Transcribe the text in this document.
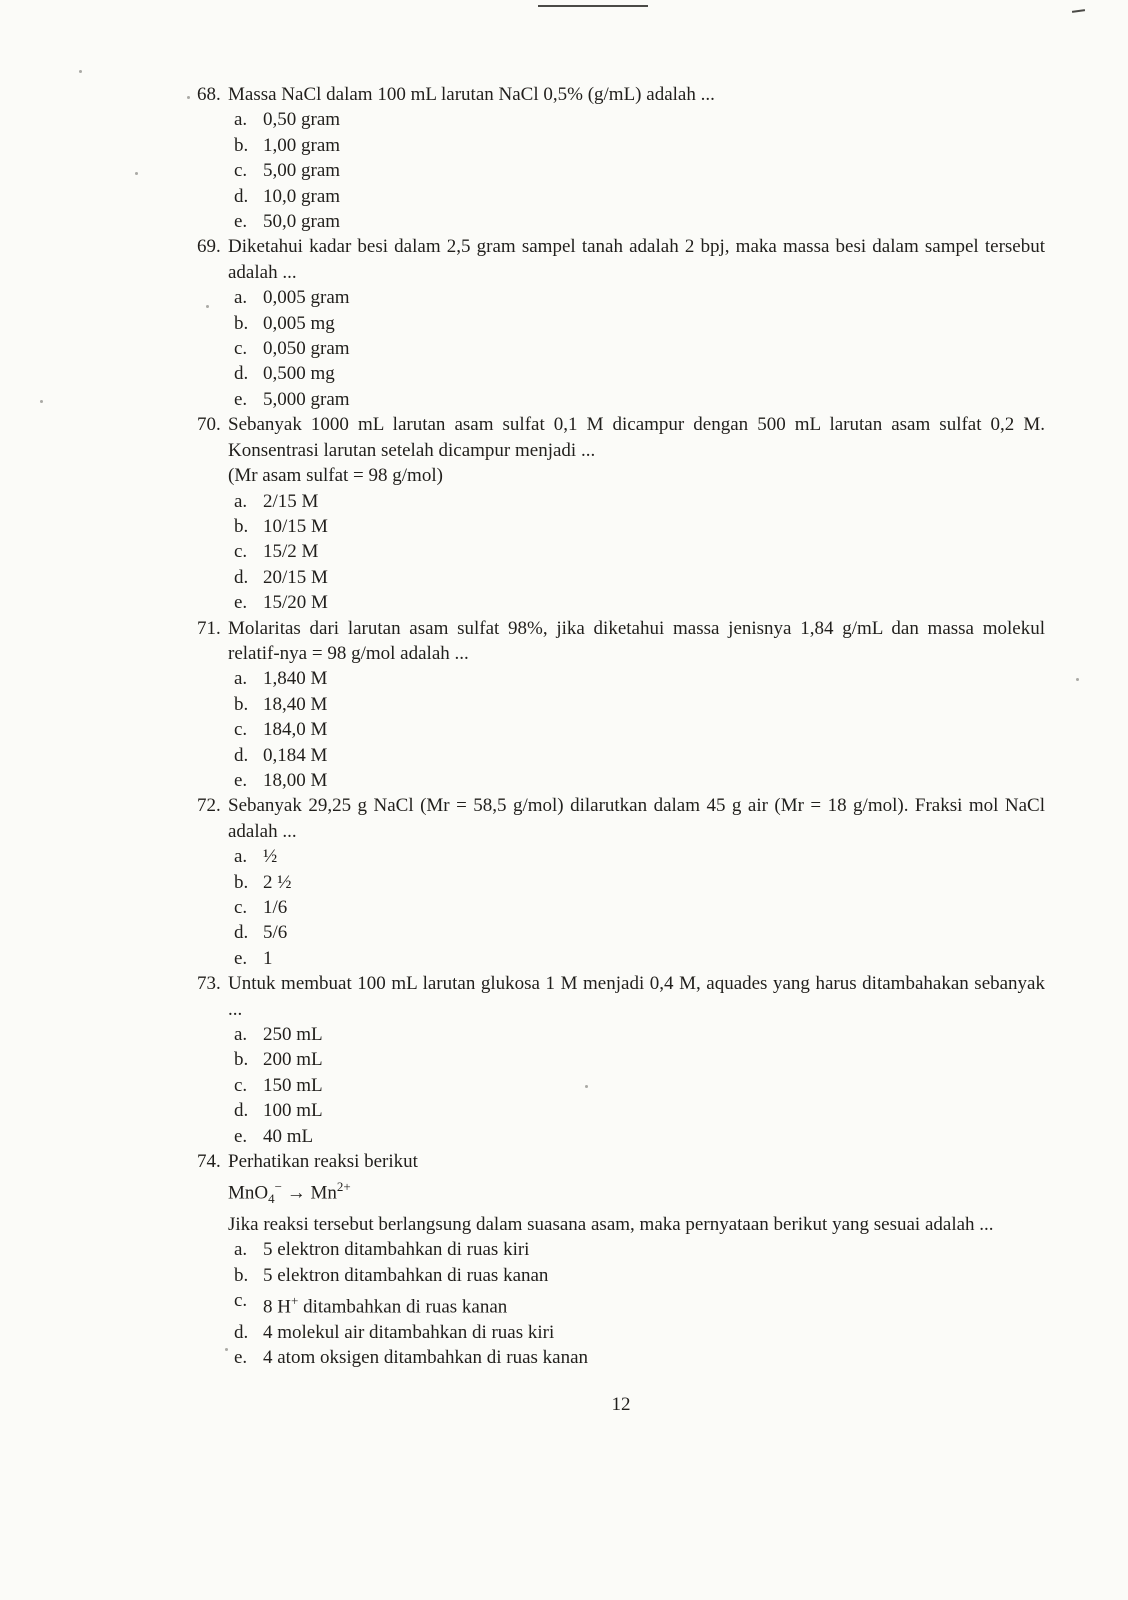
68. Massa NaCl dalam 100 mL larutan NaCl 0,5% (g/mL) adalah ...

a. 0,50 gram
b. 1,00 gram
c. 5,00 gram
d. 10,0 gram
e. 50,0 gram
69. Diketahui kadar besi dalam 2,5 gram sampel tanah adalah 2 bpj, maka massa besi dalam sampel tersebut adalah ...

a. 0,005 gram
b. 0,005 mg
c. 0,050 gram
d. 0,500 mg
e. 5,000 gram
70. Sebanyak 1000 mL larutan asam sulfat 0,1 M dicampur dengan 500 mL larutan asam sulfat 0,2 M. Konsentrasi larutan setelah dicampur menjadi ...

(Mr asam sulfat = 98 g/mol)

a. 2/15 M
b. 10/15 M
c. 15/2 M
d. 20/15 M
e. 15/20 M
71. Molaritas dari larutan asam sulfat 98%, jika diketahui massa jenisnya 1,84 g/mL dan massa molekul relatif-nya = 98 g/mol adalah ...

a. 1,840 M
b. 18,40 M
c. 184,0 M
d. 0,184 M
e. 18,00 M
72. Sebanyak 29,25 g NaCl (Mr = 58,5 g/mol) dilarutkan dalam 45 g air (Mr = 18 g/mol). Fraksi mol NaCl adalah ...

a. ½
b. 2 ½
c. 1/6
d. 5/6
e. 1
73. Untuk membuat 100 mL larutan glukosa 1 M menjadi 0,4 M, aquades yang harus ditambahakan sebanyak ...

a. 250 mL
b. 200 mL
c. 150 mL
d. 100 mL
e. 40 mL
74. Perhatikan reaksi berikut

$MnO_4^- \to Mn^{2+}$

Jika reaksi tersebut berlangsung dalam suasana asam, maka pernyataan berikut yang sesuai adalah ...

a. 5 elektron ditambahkan di ruas kiri
b. 5 elektron ditambahkan di ruas kanan
c. 8 H+ ditambahkan di ruas kanan
d. 4 molekul air ditambahkan di ruas kiri
e. 4 atom oksigen ditambahkan di ruas kanan
12
